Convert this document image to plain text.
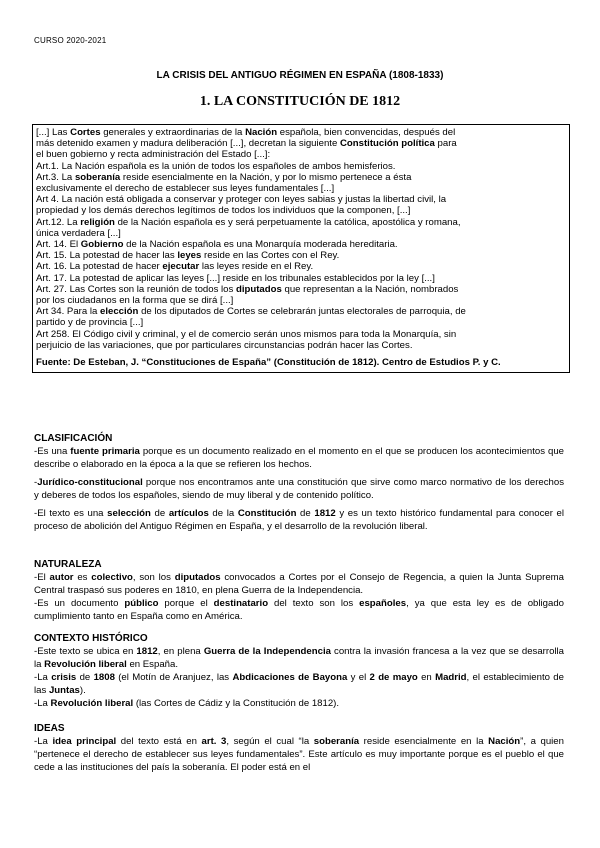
CURSO 2020-2021
LA CRISIS DEL ANTIGUO RÉGIMEN EN ESPAÑA (1808-1833)
1. LA CONSTITUCIÓN DE 1812

[...] Las Cortes generales y extraordinarias de la Nación española, bien convencidas, después del

más detenido examen y madura deliberación [...], decretan la siguiente Constitución política para

el buen gobierno y recta administración del Estado [...]:

Art.1. La Nación española es la unión de todos los españoles de ambos hemisferios.

Art.3. La soberanía reside esencialmente en la Nación, y por lo mismo pertenece a ésta

exclusivamente el derecho de establecer sus leyes fundamentales [...]

Art 4. La nación está obligada a conservar y proteger con leyes sabias y justas la libertad civil, la

propiedad y los demás derechos legítimos de todos los individuos que la componen, [...]

Art.12. La religión de la Nación española es y será perpetuamente la católica, apostólica y romana,

única verdadera [...]

Art. 14. El Gobierno de la Nación española es una Monarquía moderada hereditaria.

Art. 15. La potestad de hacer las leyes reside en las Cortes con el Rey.

Art. 16. La potestad de hacer ejecutar las leyes reside en el Rey.

Art. 17. La potestad de aplicar las leyes [...] reside en los tribunales establecidos por la ley [...]

Art. 27. Las Cortes son la reunión de todos los diputados que representan a la Nación, nombrados

por los ciudadanos en la forma que se dirá [...]

Art 34. Para la elección de los diputados de Cortes se celebrarán juntas electorales de parroquia, de

partido y de provincia [...]

Art 258. El Código civil y criminal, y el de comercio serán unos mismos para toda la Monarquía, sin

perjuicio de las variaciones, que por particulares circunstancias podrán hacer las Cortes.

Fuente: De Esteban, J. “Constituciones de España” (Constitución de 1812). Centro de Estudios P. y C.

CLASIFICACIÓN

-Es una fuente primaria porque es un documento realizado en el momento en el que se producen los acontecimientos que describe o elaborado en la época a la que se refieren los hechos.

-Jurídico-constitucional porque nos encontramos ante una constitución que sirve como marco normativo de los derechos y deberes de todos los españoles, siendo de muy liberal y de contenido político.

-El texto es una selección de artículos de la Constitución de 1812 y es un texto histórico fundamental para conocer el proceso de abolición del Antiguo Régimen en España, y el desarrollo de la revolución liberal.

NATURALEZA

-El autor es colectivo, son los diputados convocados a Cortes por el Consejo de Regencia, a quien la Junta Suprema Central traspasó sus poderes en 1810, en plena Guerra de la Independencia.

-Es un documento público porque el destinatario del texto son los españoles, ya que esta ley es de obligado cumplimiento tanto en España como en América.

CONTEXTO HISTÓRICO

-Este texto se ubica en 1812, en plena Guerra de la Independencia contra la invasión francesa a la vez que se desarrolla la Revolución liberal en España.

-La crisis de 1808 (el Motín de Aranjuez, las Abdicaciones de Bayona y el 2 de mayo en Madrid, el establecimiento de las Juntas).

-La Revolución liberal (las Cortes de Cádiz y la Constitución de 1812).

IDEAS

-La idea principal del texto está en art. 3, según el cual “la soberanía reside esencialmente en la Nación”, a quien “pertenece el derecho de establecer sus leyes fundamentales”. Este artículo es muy importante porque es el pueblo el que cede a las instituciones del país la soberanía. El poder está en el
